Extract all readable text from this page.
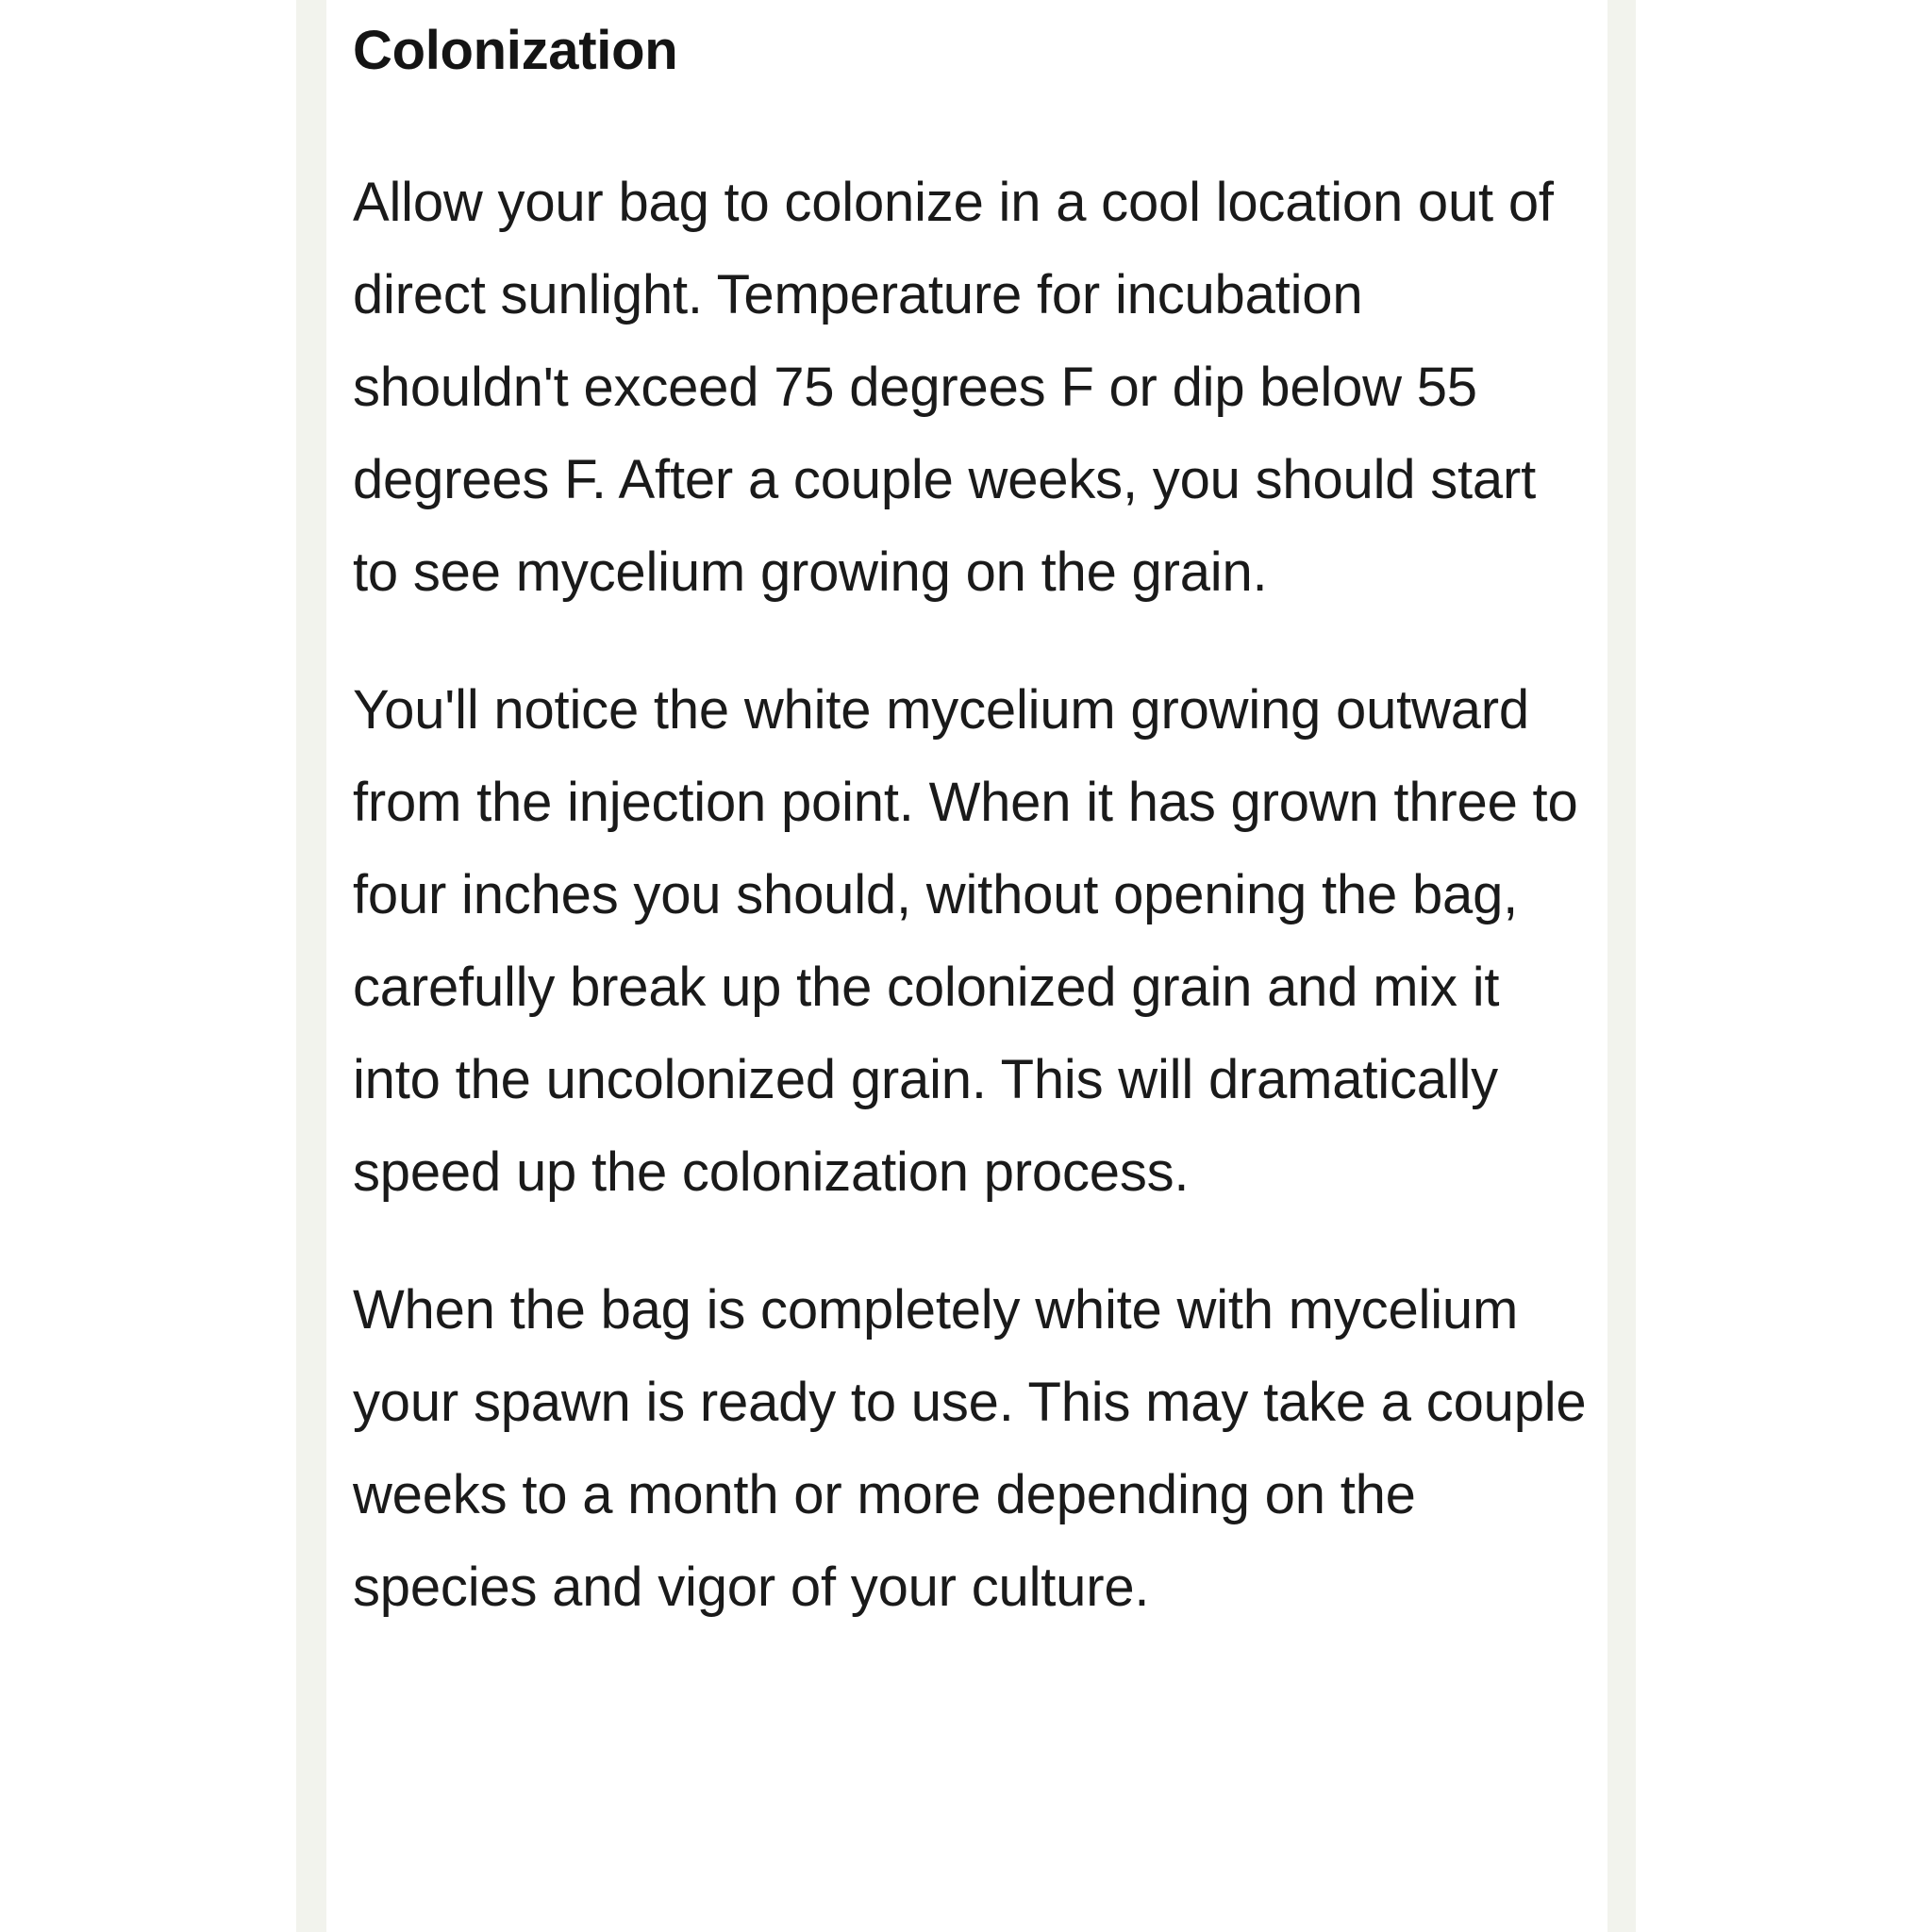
Colonization

Allow your bag to colonize in a cool location out of direct sunlight. Temperature for incubation shouldn't exceed 75 degrees F or dip below 55 degrees F. After a couple weeks, you should start to see mycelium growing on the grain.

You'll notice the white mycelium growing outward from the injection point. When it has grown three to four inches you should, without opening the bag, carefully break up the colonized grain and mix it into the uncolonized grain. This will dramatically speed up the colonization process.

When the bag is completely white with mycelium your spawn is ready to use. This may take a couple weeks to a month or more depending on the species and vigor of your culture.
